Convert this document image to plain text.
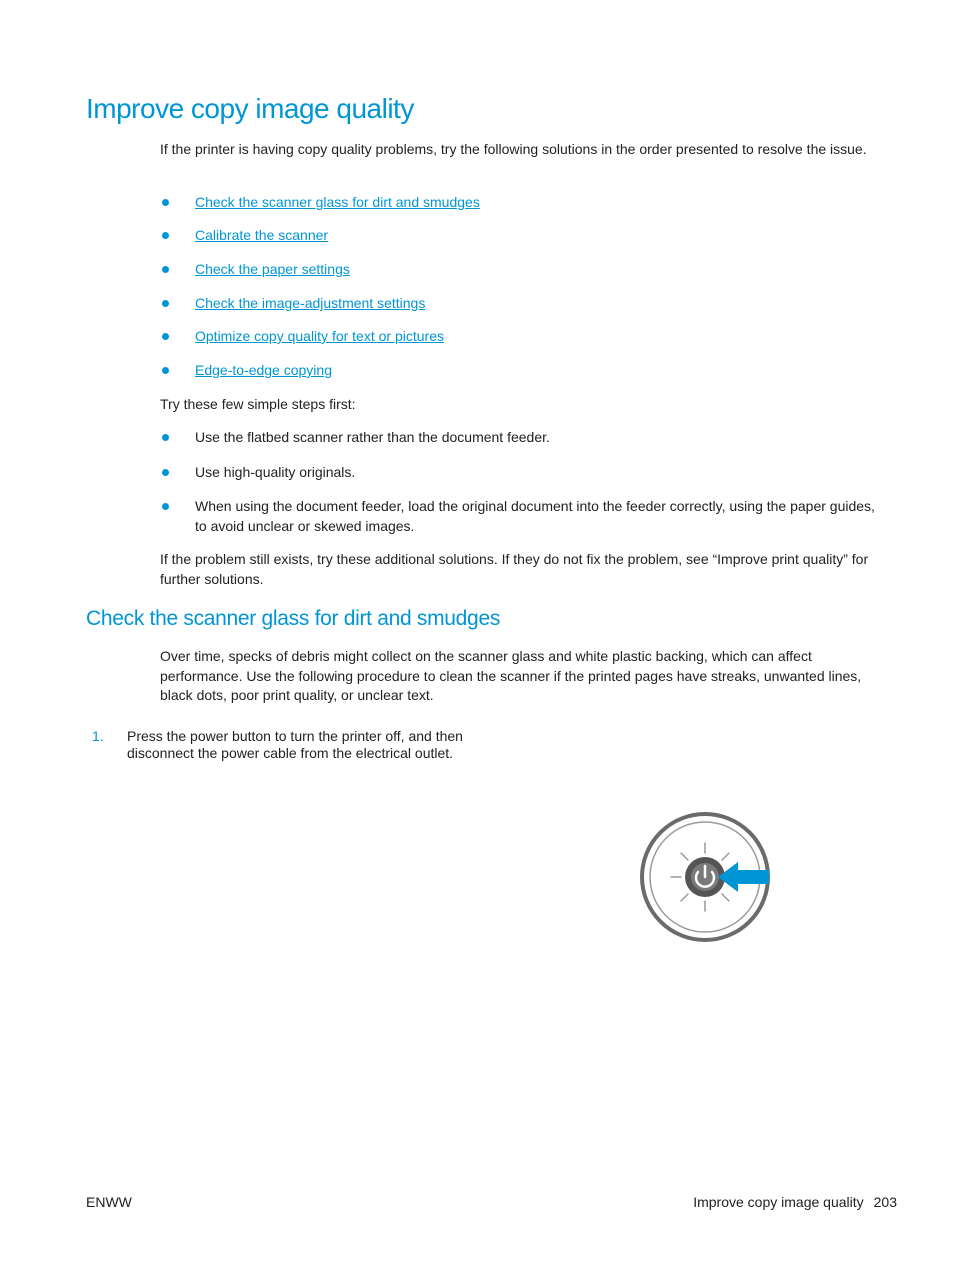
Improve copy image quality

If the printer is having copy quality problems, try the following solutions in the order presented to resolve the issue.

Check the scanner glass for dirt and smudges
Calibrate the scanner
Check the paper settings
Check the image-adjustment settings
Optimize copy quality for text or pictures
Edge-to-edge copying

Try these few simple steps first:

Use the flatbed scanner rather than the document feeder.
Use high-quality originals.
When using the document feeder, load the original document into the feeder correctly, using the paper guides, to avoid unclear or skewed images.

If the problem still exists, try these additional solutions. If they do not fix the problem, see “Improve print quality” for further solutions.

Check the scanner glass for dirt and smudges

Over time, specks of debris might collect on the scanner glass and white plastic backing, which can affect performance. Use the following procedure to clean the scanner if the printed pages have streaks, unwanted lines, black dots, poor print quality, or unclear text.

1. Press the power button to turn the printer off, and then disconnect the power cable from the electrical outlet.
ENWW	Improve copy image quality 203
